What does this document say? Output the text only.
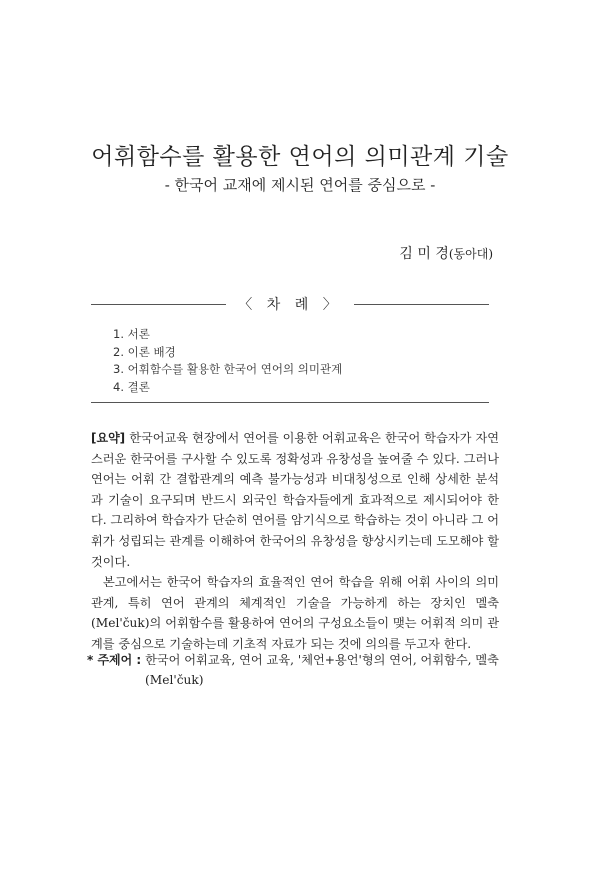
어휘함수를 활용한 연어의 의미관계 기술
- 한국어 교재에 제시된 연어를 중심으로 -
김 미 경(동아대)
〈 차 례 〉
1. 서론
2. 이론 배경
3. 어휘함수를 활용한 한국어 연어의 의미관계
4. 결론

[요약] 한국어교육 현장에서 연어를 이용한 어휘교육은 한국어 학습자가 자연스러운 한국어를 구사할 수 있도록 정확성과 유창성을 높여줄 수 있다. 그러나 연어는 어휘 간 결합관계의 예측 불가능성과 비대칭성으로 인해 상세한 분석과 기술이 요구되며 반드시 외국인 학습자들에게 효과적으로 제시되어야 한다. 그리하여 학습자가 단순히 연어를 암기식으로 학습하는 것이 아니라 그 어휘가 성립되는 관계를 이해하여 한국어의 유창성을 향상시키는데 도모해야 할 것이다.

본고에서는 한국어 학습자의 효율적인 연어 학습을 위해 어휘 사이의 의미관계, 특히 연어 관계의 체계적인 기술을 가능하게 하는 장치인 멜축(Mel'čuk)의 어휘함수를 활용하여 연어의 구성요소들이 맺는 어휘적 의미 관계를 중심으로 기술하는데 기초적 자료가 되는 것에 의의를 두고자 한다.

* 주제어 : 한국어 어휘교육, 연어 교육, '체언+용언'형의 연어, 어휘함수, 멜축
(Mel'čuk)
